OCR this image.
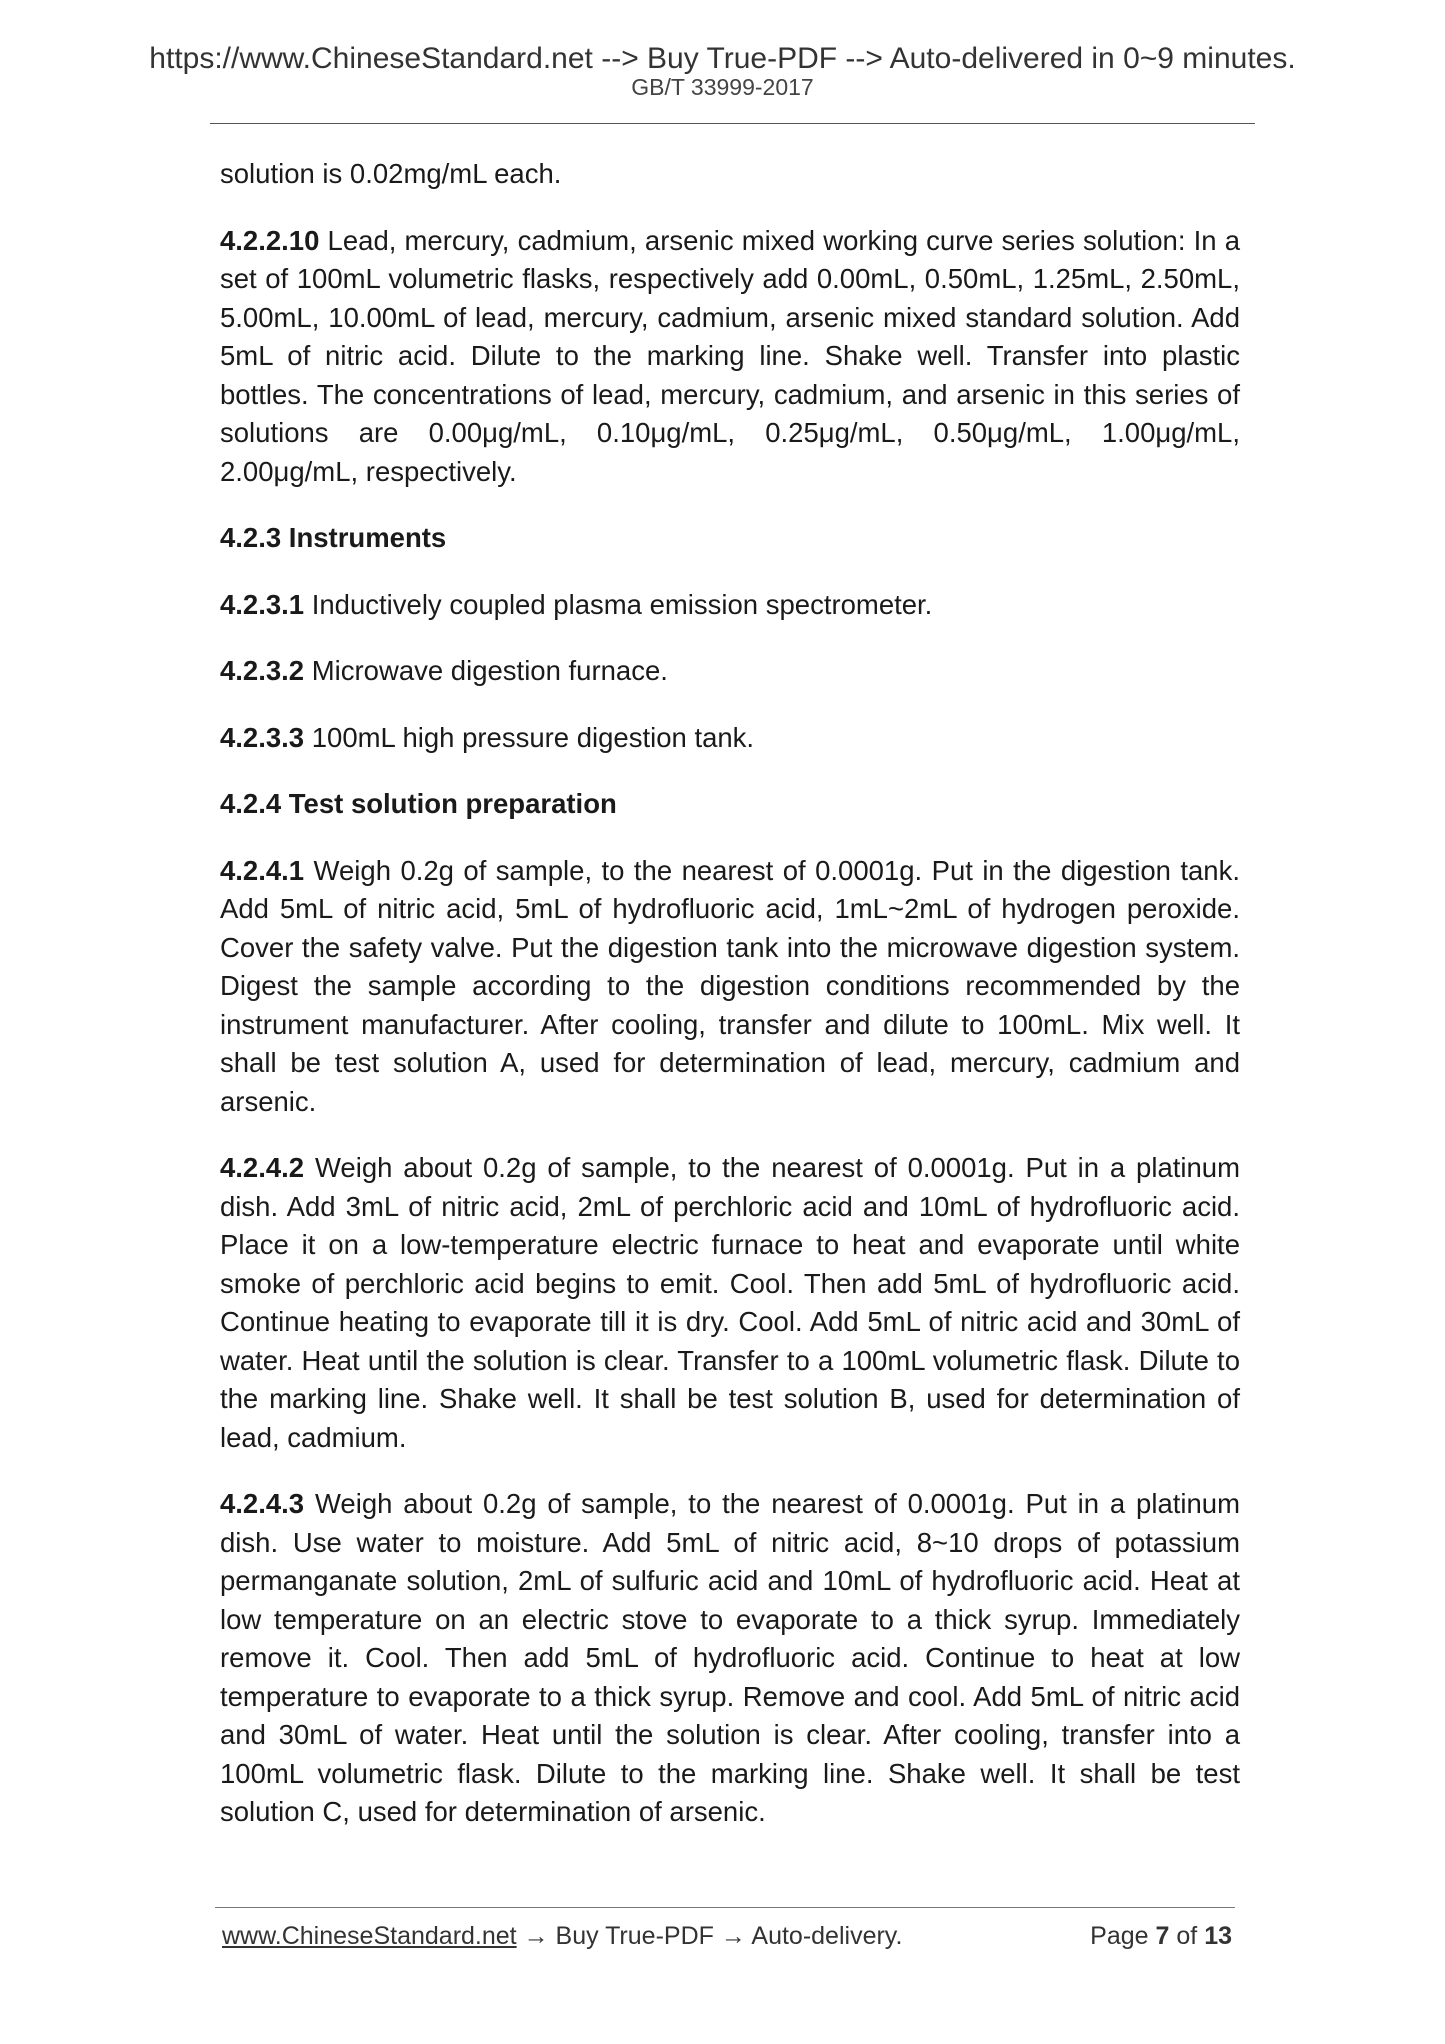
https://www.ChineseStandard.net --> Buy True-PDF --> Auto-delivered in 0~9 minutes.
GB/T 33999-2017

solution is 0.02mg/mL each.

4.2.2.10 Lead, mercury, cadmium, arsenic mixed working curve series solution: In a set of 100mL volumetric flasks, respectively add 0.00mL, 0.50mL, 1.25mL, 2.50mL, 5.00mL, 10.00mL of lead, mercury, cadmium, arsenic mixed standard solution. Add 5mL of nitric acid. Dilute to the marking line. Shake well. Transfer into plastic bottles. The concentrations of lead, mercury, cadmium, and arsenic in this series of solutions are 0.00μg/mL, 0.10μg/mL, 0.25μg/mL, 0.50μg/mL, 1.00μg/mL, 2.00μg/mL, respectively.

4.2.3 Instruments

4.2.3.1 Inductively coupled plasma emission spectrometer.

4.2.3.2 Microwave digestion furnace.

4.2.3.3 100mL high pressure digestion tank.

4.2.4 Test solution preparation

4.2.4.1 Weigh 0.2g of sample, to the nearest of 0.0001g. Put in the digestion tank. Add 5mL of nitric acid, 5mL of hydrofluoric acid, 1mL~2mL of hydrogen peroxide. Cover the safety valve. Put the digestion tank into the microwave digestion system. Digest the sample according to the digestion conditions recommended by the instrument manufacturer. After cooling, transfer and dilute to 100mL. Mix well. It shall be test solution A, used for determination of lead, mercury, cadmium and arsenic.

4.2.4.2 Weigh about 0.2g of sample, to the nearest of 0.0001g. Put in a platinum dish. Add 3mL of nitric acid, 2mL of perchloric acid and 10mL of hydrofluoric acid. Place it on a low-temperature electric furnace to heat and evaporate until white smoke of perchloric acid begins to emit. Cool. Then add 5mL of hydrofluoric acid. Continue heating to evaporate till it is dry. Cool. Add 5mL of nitric acid and 30mL of water. Heat until the solution is clear. Transfer to a 100mL volumetric flask. Dilute to the marking line. Shake well. It shall be test solution B, used for determination of lead, cadmium.

4.2.4.3 Weigh about 0.2g of sample, to the nearest of 0.0001g. Put in a platinum dish. Use water to moisture. Add 5mL of nitric acid, 8~10 drops of potassium permanganate solution, 2mL of sulfuric acid and 10mL of hydrofluoric acid. Heat at low temperature on an electric stove to evaporate to a thick syrup. Immediately remove it. Cool. Then add 5mL of hydrofluoric acid. Continue to heat at low temperature to evaporate to a thick syrup. Remove and cool. Add 5mL of nitric acid and 30mL of water. Heat until the solution is clear. After cooling, transfer into a 100mL volumetric flask. Dilute to the marking line. Shake well. It shall be test solution C, used for determination of arsenic.

www.ChineseStandard.net → Buy True-PDF → Auto-delivery.	Page 7 of 13
